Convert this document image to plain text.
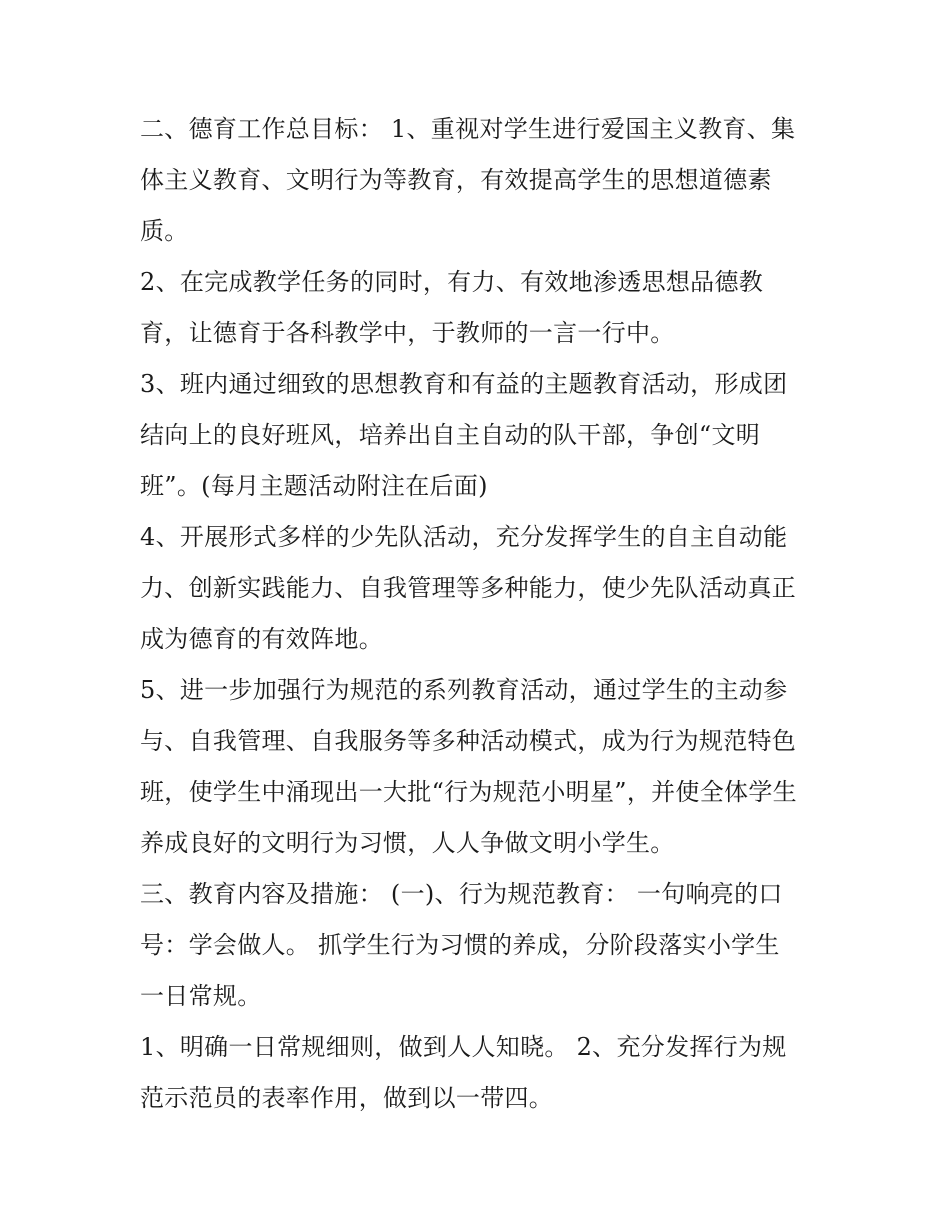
二、德育工作总目标： 1、重视对学生进行爱国主义教育、集
体主义教育、文明行为等教育，有效提高学生的思想道德素
质。

2、在完成教学任务的同时，有力、有效地渗透思想品德教
育，让德育于各科教学中，于教师的一言一行中。

3、班内通过细致的思想教育和有益的主题教育活动，形成团
结向上的良好班风，培养出自主自动的队干部，争创“文明
班”。(每月主题活动附注在后面)

4、开展形式多样的少先队活动，充分发挥学生的自主自动能
力、创新实践能力、自我管理等多种能力，使少先队活动真正
成为德育的有效阵地。

5、进一步加强行为规范的系列教育活动，通过学生的主动参
与、自我管理、自我服务等多种活动模式，成为行为规范特色
班，使学生中涌现出一大批“行为规范小明星”，并使全体学生
养成良好的文明行为习惯，人人争做文明小学生。

三、教育内容及措施： (一)、行为规范教育： 一句响亮的口
号：学会做人。 抓学生行为习惯的养成，分阶段落实小学生
一日常规。

1、明确一日常规细则，做到人人知晓。 2、充分发挥行为规
范示范员的表率作用，做到以一带四。
